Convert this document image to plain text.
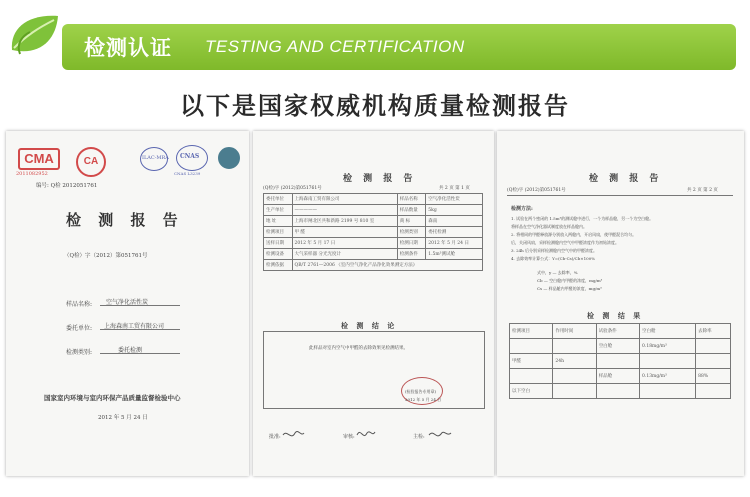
检测认证 TESTING AND CERTIFICATION
以下是国家权威机构质量检测报告
CMA
2011082952
CA	ILAC-MRA CNAS
CNAS L3239
编号: Q检 2012051761
检 测 报 告
（Q检）字（2012）第051761号
样品名称: 空气净化活性炭
委托单位: 上海森南工贸有限公司
检测类别:	委托检测
国家室内环境与室内环保产品质量监督检验中心
2012 年 5 月 24 日
(Q检)字 (2012)第051761号
检 测 报 告
共 2 页 第 1 页
委托单位	上海森南工贸有限公司	样品名称	空气净化活性炭
生产单位	—————	样品数量	5kg
地 址	上海市闸北区共和新路 2199 号 810 室	商 标	森南
检测项目	甲 醛	检测类别	委托检测
送样日期	2012 年 5 月 17 日	检测日期	2012 年 5 月 24 日
检测设备	大气采样器 分光光度计	检测条件	1.5m³测试舱
检测依据	QB/T 2761—2006 《室内空气净化产品净化效果测定方法》		
检 测 结 论
此样品对室内空气中甲醛的去除效果见检测结果。
(检验报告专用章)
2012 年 5 月 24 日
批准:	审核:	主检:
(Q检)字 (2012)第051761号
检 测 报 告
共 2 页 第 2 页
检测方法:
1. 试验在两个密闭的 1.5m³的测试舱中进行，一个为样品舱，另一个为空白舱。
将样品在空气净化器试制度放在样品舱内。
2. 将相同的甲醛释放源分别放入两舱内，开启风扇，使甲醛混合均匀。
后，关闭风扇，采样检测舱内空气中甲醛浓度作为初始浓度。
3. 24h 后分别采样检测舱内空气中的甲醛浓度。
4. 去除效率计算公式：Y=(Cb-Cs)/Cb×100%
式中，y — 去除率，%
Cb — 空白舱内甲醛的浓度，mg/m³
Cs — 样品舱内甲醛的浓度，mg/m³
检 测 结 果
检测项目	作用时间	试验条件	空白舱	去除率
		空白舱	0.18mg/m³	
甲醛	24h			
		样品舱	0.13mg/m³	88%
以下空白				
